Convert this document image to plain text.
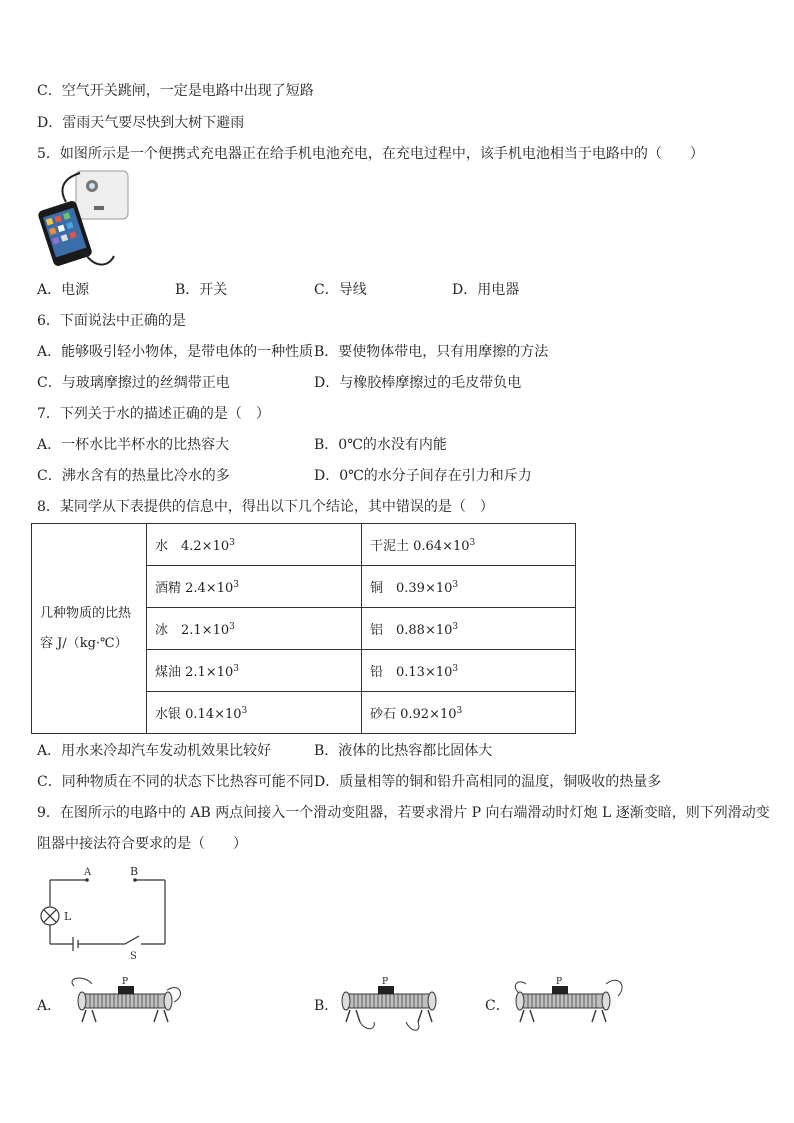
C．空气开关跳闸，一定是电路中出现了短路
D．雷雨天气要尽快到大树下避雨
5．如图所示是一个便携式充电器正在给手机电池充电，在充电过程中，该手机电池相当于电路中的（　　）
A．电源	B．开关	C．导线	D．用电器
6．下面说法中正确的是
A．能够吸引轻小物体，是带电体的一种性质 B．要使物体带电，只有用摩擦的方法
C．与玻璃摩擦过的丝绸带正电	D．与橡胶棒摩擦过的毛皮带负电
7．下列关于水的描述正确的是（　）
A．一杯水比半杯水的比热容大	B．0℃的水没有内能
C．沸水含有的热量比冷水的多	D．0℃的水分子间存在引力和斥力
8．某同学从下表提供的信息中，得出以下几个结论，其中错误的是（　）
几种物质的比热
容 J/（kg·℃）	水　$4.2\times 10^3$	干泥土 $0.64\times 10^3$
	酒精 $2.4\times 10^3$	铜　$0.39\times 10^3$
	冰　$2.1\times 10^3$	铝　$0.88\times 10^3$
	煤油 $2.1\times 10^3$	铅　$0.13\times 10^3$
	水银 $0.14\times 10^3$	砂石 $0.92\times 10^3$
A．用水来冷却汽车发动机效果比较好	B．液体的比热容都比固体大
C．同种物质在不同的状态下比热容可能不同 D．质量相等的铜和铅升高相同的温度，铜吸收的热量多
9．在图所示的电路中的 AB 两点间接入一个滑动变阻器，若要求滑片 P 向右端滑动时灯炮 L 逐渐变暗，则下列滑动变
阻器中接法符合要求的是（　　）
A	B
L
S
A．
P
B．
P
C．
P
